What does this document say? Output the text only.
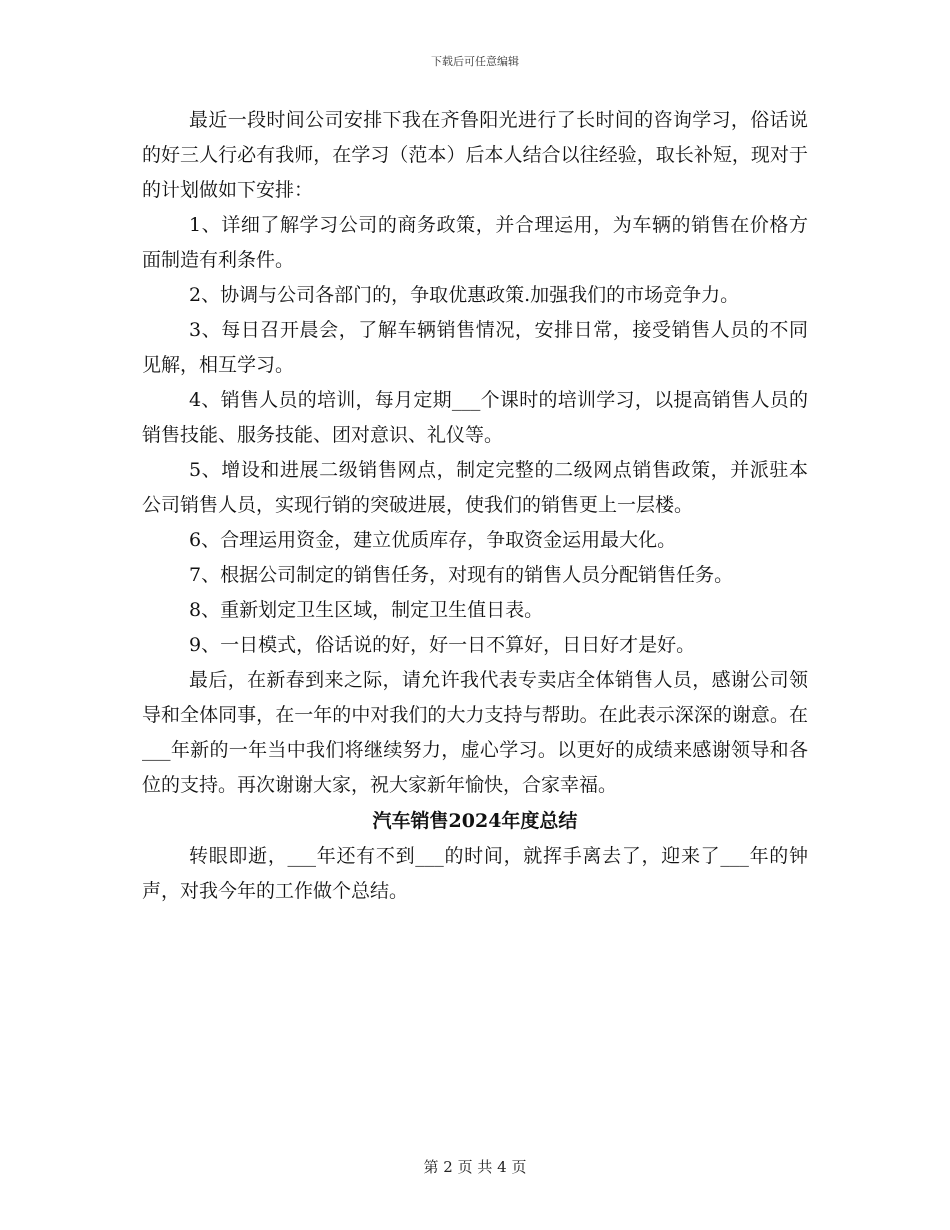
下载后可任意编辑

最近一段时间公司安排下我在齐鲁阳光进行了长时间的咨询学习，俗话说的好三人行必有我师，在学习（范本）后本人结合以往经验，取长补短，现对于的计划做如下安排：

1、详细了解学习公司的商务政策，并合理运用，为车辆的销售在价格方面制造有利条件。

2、协调与公司各部门的，争取优惠政策.加强我们的市场竞争力。

3、每日召开晨会，了解车辆销售情况，安排日常，接受销售人员的不同见解，相互学习。

4、销售人员的培训，每月定期___个课时的培训学习，以提高销售人员的销售技能、服务技能、团对意识、礼仪等。

5、增设和进展二级销售网点，制定完整的二级网点销售政策，并派驻本公司销售人员，实现行销的突破进展，使我们的销售更上一层楼。

6、合理运用资金，建立优质库存，争取资金运用最大化。

7、根据公司制定的销售任务，对现有的销售人员分配销售任务。

8、重新划定卫生区域，制定卫生值日表。

9、一日模式，俗话说的好，好一日不算好，日日好才是好。

最后，在新春到来之际，请允许我代表专卖店全体销售人员，感谢公司领导和全体同事，在一年的中对我们的大力支持与帮助。在此表示深深的谢意。在___年新的一年当中我们将继续努力，虚心学习。以更好的成绩来感谢领导和各位的支持。再次谢谢大家，祝大家新年愉快，合家幸福。

汽车销售2024年度总结

转眼即逝，___年还有不到___的时间，就挥手离去了，迎来了___年的钟声，对我今年的工作做个总结。

第 2 页 共 4 页
